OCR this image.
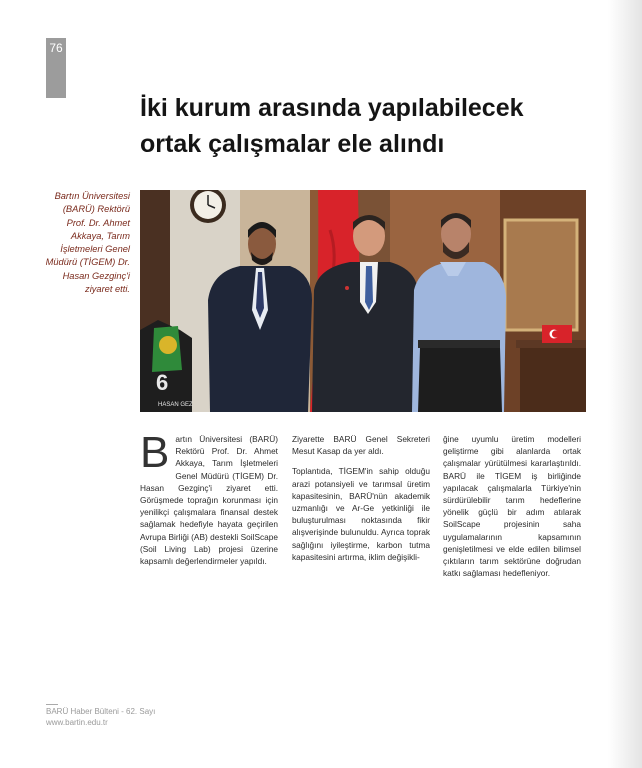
76
İki kurum arasında yapılabilecek
ortak çalışmalar ele alındı

Bartın Üniversitesi (BARÜ) Rektörü Prof. Dr. Ahmet Akkaya, Tarım İşletmeleri Genel Müdürü (TİGEM) Dr. Hasan Gezginç'i ziyaret etti.

6
HASAN GEZ

B artın Üniversitesi (BARÜ) Rektörü Prof. Dr. Ahmet Akkaya, Tarım İşletmeleri Genel Müdürü (TİGEM) Dr. Hasan Gezginç'i ziyaret etti. Görüşmede toprağın korunması için yenilikçi çalışmalara finansal destek sağlamak hedefiyle hayata geçirilen Avrupa Birliği (AB) destekli SoilScape (Soil Living Lab) projesi üzerine kapsamlı değerlendirmeler yapıldı.

Ziyarette BARÜ Genel Sekreteri Mesut Kasap da yer aldı.

Toplantıda, TİGEM'in sahip olduğu arazi potansiyeli ve tarımsal üretim kapasitesinin, BARÜ'nün akademik uzmanlığı ve Ar-Ge yetkinliği ile buluşturulması noktasında fikir alışverişinde bulunuldu. Ayrıca toprak sağlığını iyileştirme, karbon tutma kapasitesini artırma, iklim değişikli-

ğine uyumlu üretim modelleri geliştirme gibi alanlarda ortak çalışmalar yürütülmesi kararlaştırıldı. BARÜ ile TİGEM iş birliğinde yapılacak çalışmalarla Türkiye'nin sürdürülebilir tarım hedeflerine yönelik güçlü bir adım atılarak SoilScape projesinin saha uygulamalarının kapsamının genişletilmesi ve elde edilen bilimsel çıktıların tarım sektörüne doğrudan katkı sağlaması hedefleniyor.

BARÜ Haber Bülteni - 62. Sayı
www.bartin.edu.tr
